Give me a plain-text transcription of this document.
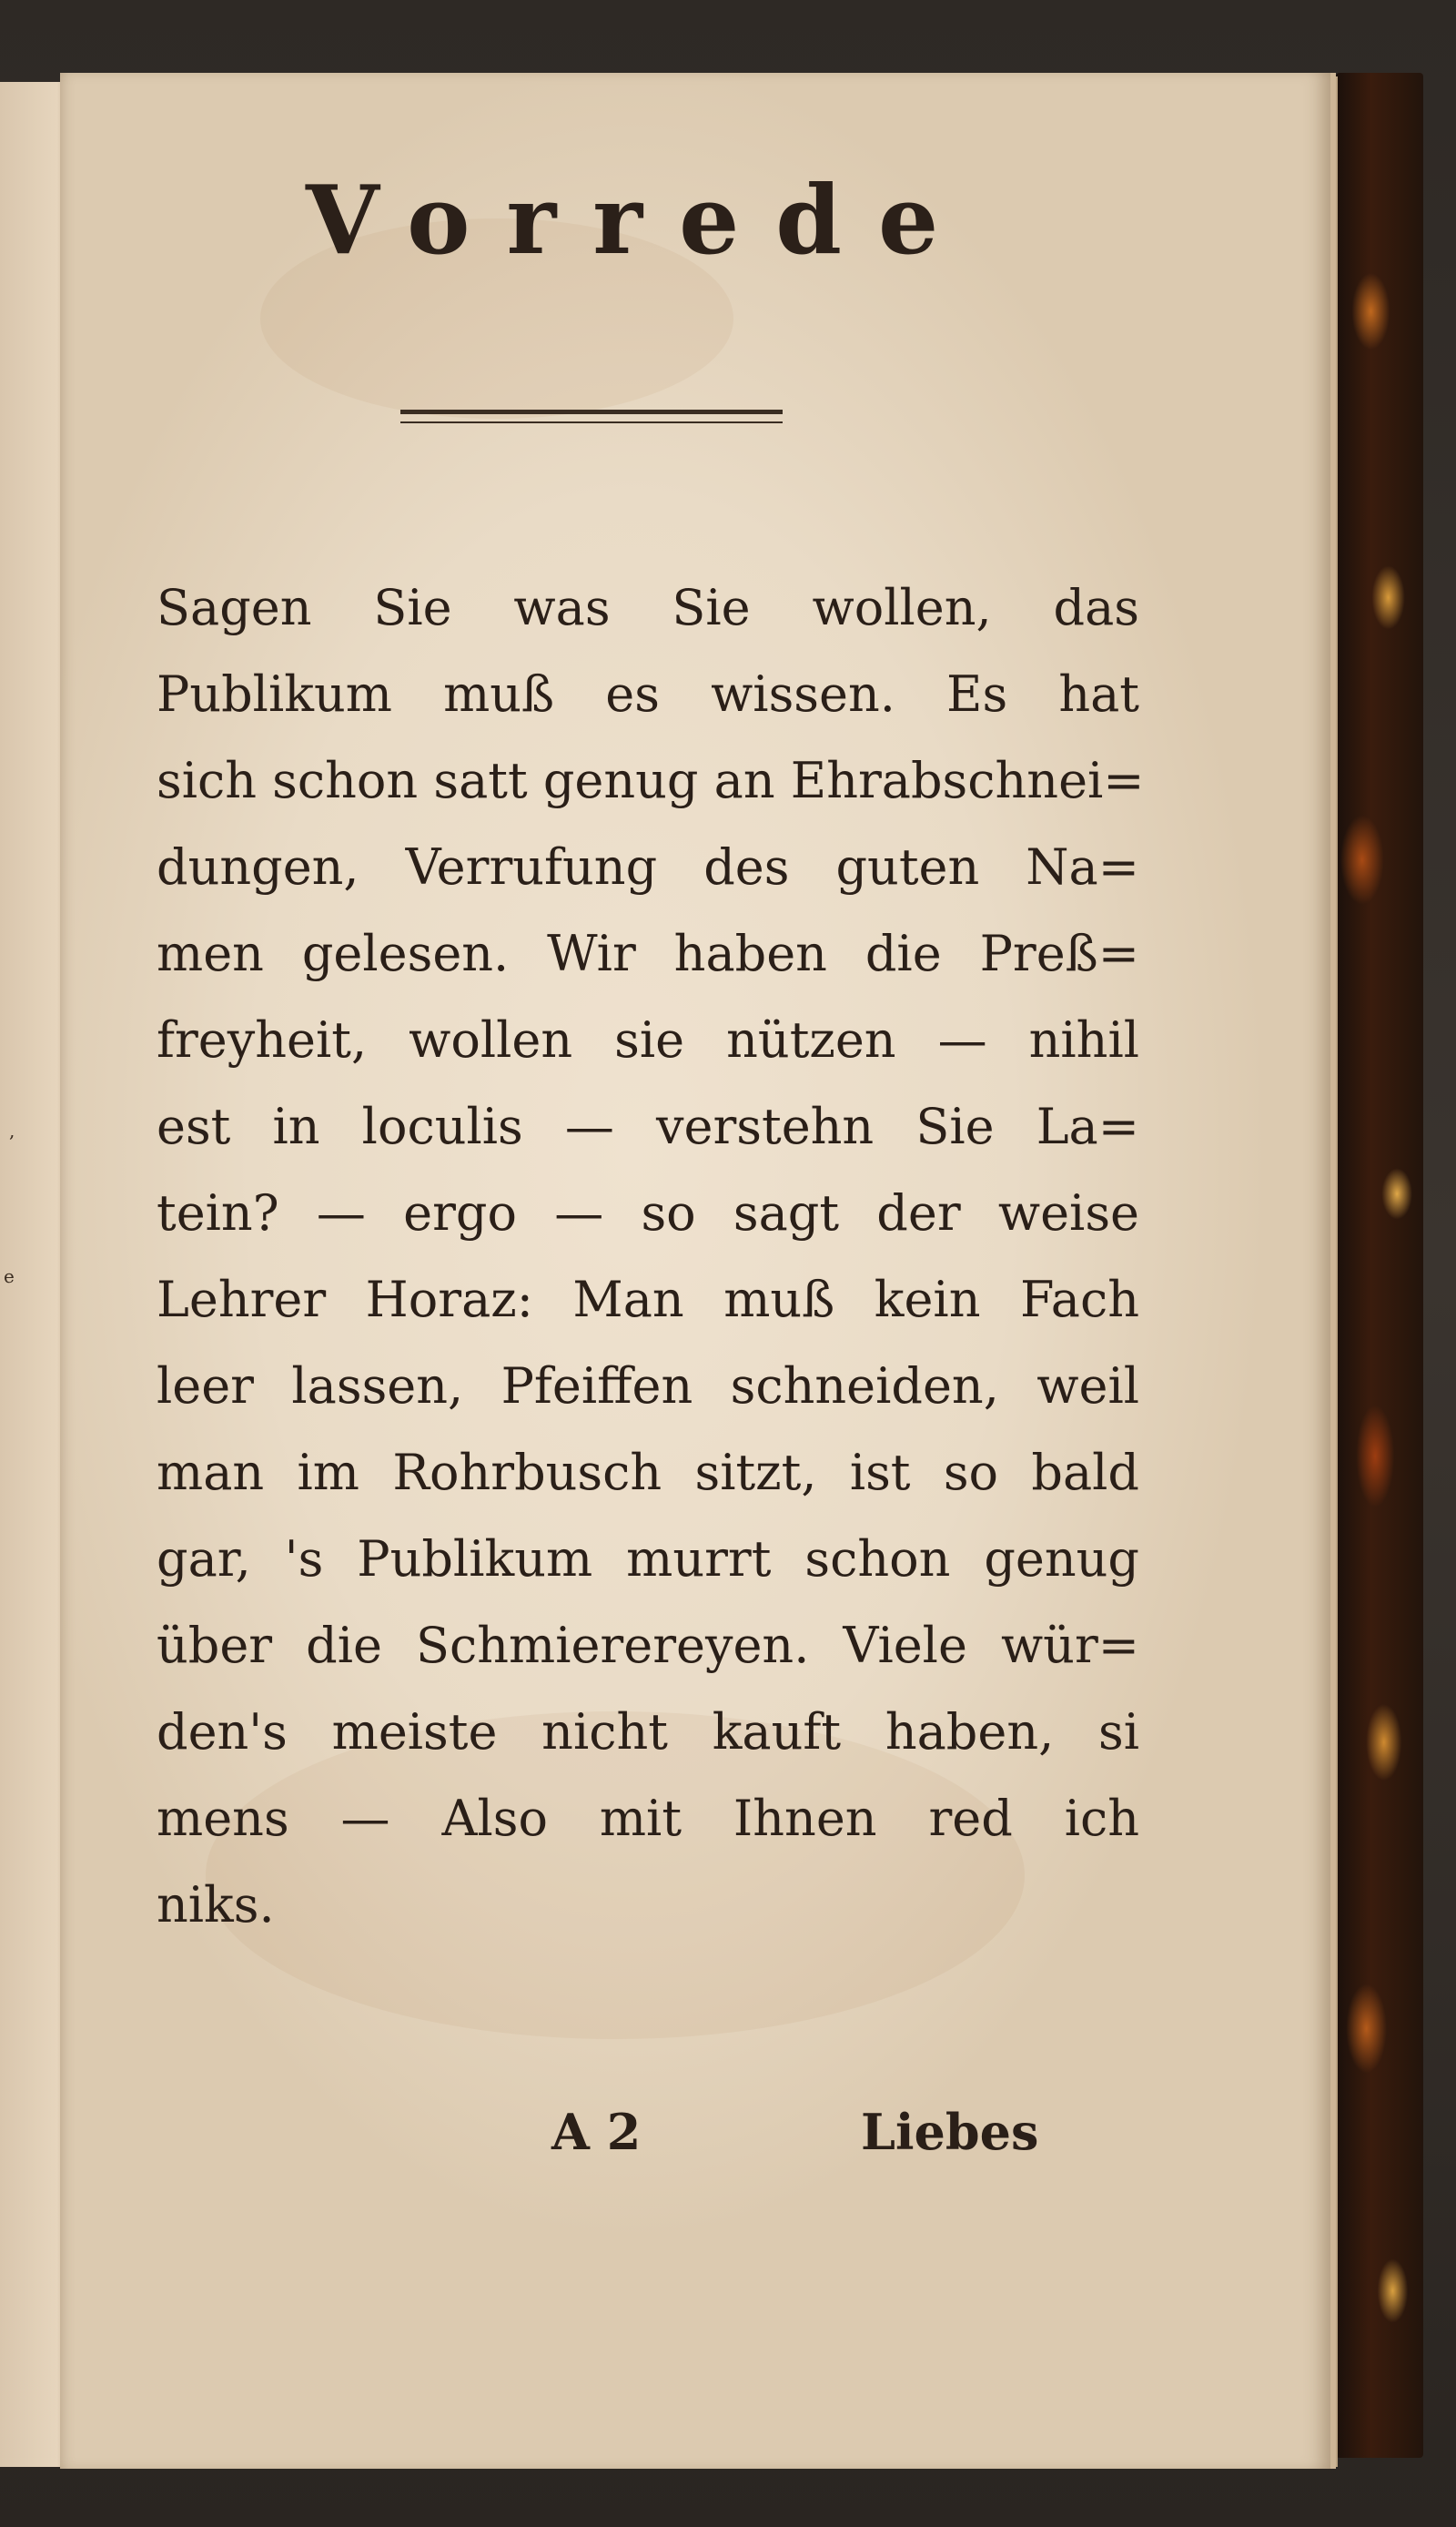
,
e
Vorrede

Sagen Sie was Sie wollen, das
Publikum muß es wissen. Es hat
sich schon satt genug an Ehrabschnei=
dungen, Verrufung des guten Na=
men gelesen. Wir haben die Preß=
freyheit, wollen sie nützen — nihil
est in loculis — verstehn Sie La=
tein? — ergo — so sagt der weise
Lehrer Horaz: Man muß kein Fach
leer lassen, Pfeiffen schneiden, weil
man im Rohrbusch sitzt, ist so bald
gar, 's Publikum murrt schon genug
über die Schmierereyen. Viele wür=
den's meiste nicht kauft haben, si
mens — Also mit Ihnen red ich
niks.

A 2	Liebes
